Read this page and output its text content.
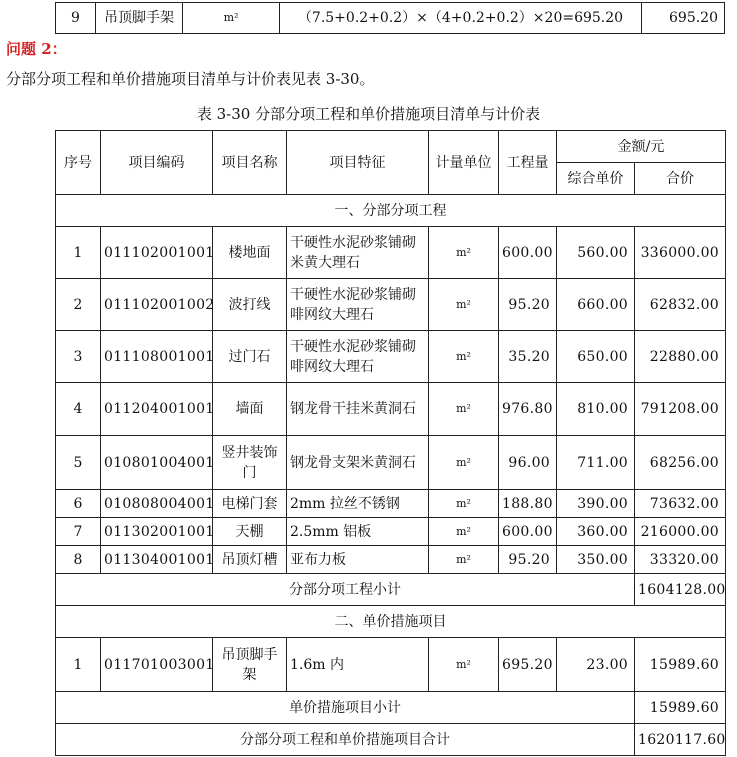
9	吊顶脚手架	m²	（7.5+0.2+0.2）×（4+0.2+0.2）×20=695.20	695.20
问题 2：
分部分项工程和单价措施项目清单与计价表见表 3-30。
表 3-30 分部分项工程和单价措施项目清单与计价表
序号	项目编码	项目名称	项目特征	计量单位	工程量	金额/元	
						综合单价	合价
一、分部分项工程							
1	011102001001	楼地面	干硬性水泥砂浆铺砌米黄大理石	m²	600.00	560.00	336000.00
2	011102001002	波打线	干硬性水泥砂浆铺砌啡网纹大理石	m²	95.20	660.00	62832.00
3	011108001001	过门石	干硬性水泥砂浆铺砌啡网纹大理石	m²	35.20	650.00	22880.00
4	011204001001	墙面	钢龙骨干挂米黄洞石	m²	976.80	810.00	791208.00
5	010801004001	竖井装饰门	钢龙骨支架米黄洞石	m²	96.00	711.00	68256.00
6	010808004001	电梯门套	2mm 拉丝不锈钢	m²	188.80	390.00	73632.00
7	011302001001	天棚	2.5mm 铝板	m²	600.00	360.00	216000.00
8	011304001001	吊顶灯槽	亚布力板	m²	95.20	350.00	33320.00
分部分项工程小计							1604128.00
二、单价措施项目							
1	011701003001	吊顶脚手架	1.6m 内	m²	695.20	23.00	15989.60
单价措施项目小计							15989.60
分部分项工程和单价措施项目合计							1620117.60
